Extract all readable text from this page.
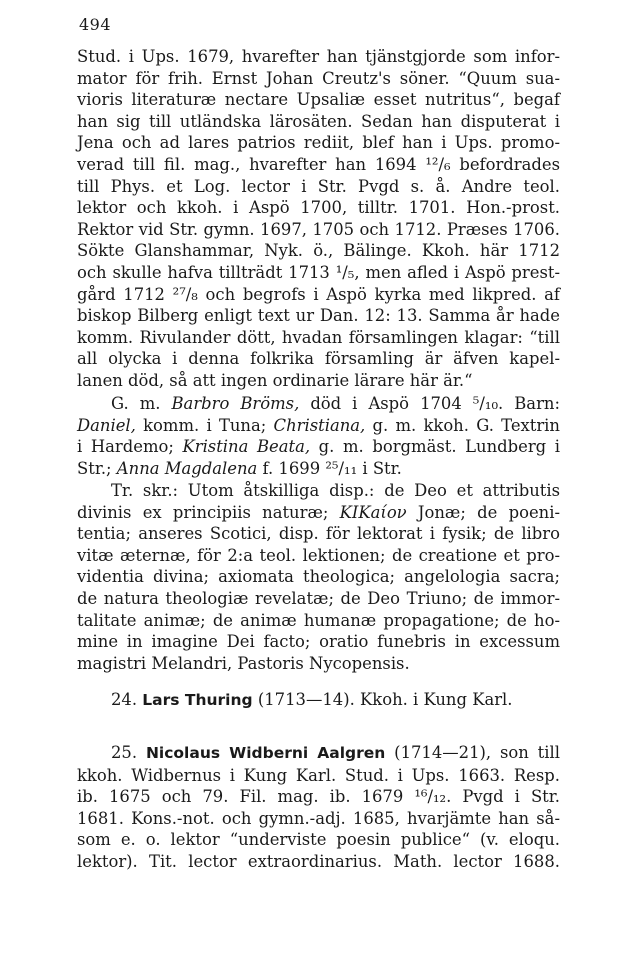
494
Stud. i Ups. 1679, hvarefter han tjänstgjorde som infor-
mator för frih. Ernst Johan Creutz's söner. “Quum sua-
vioris literaturæ nectare Upsaliæ esset nutritus“, begaf
han sig till utländska lärosäten. Sedan han disputerat i
Jena och ad lares patrios rediit, blef han i Ups. promo-
verad till fil. mag., hvarefter han 1694 ¹²/₆ befordrades
till Phys. et Log. lector i Str. Pvgd s. å. Andre teol.
lektor och kkoh. i Aspö 1700, tilltr. 1701. Hon.-prost.
Rektor vid Str. gymn. 1697, 1705 och 1712. Præses 1706.
Sökte Glanshammar, Nyk. ö., Bälinge. Kkoh. här 1712
och skulle hafva tillträdt 1713 ¹/₅, men afled i Aspö prest-
gård 1712 ²⁷/₈ och begrofs i Aspö kyrka med likpred. af
biskop Bilberg enligt text ur Dan. 12: 13. Samma år hade
komm. Rivulander dött, hvadan församlingen klagar: “till
all olycka i denna folkrika församling är äfven kapel-
lanen död, så att ingen ordinarie lärare här är.“
G. m. Barbro Bröms, död i Aspö 1704 ⁵/₁₀. Barn:
Daniel, komm. i Tuna; Christiana, g. m. kkoh. G. Textrin
i Hardemo; Kristina Beata, g. m. borgmäst. Lundberg i
Str.; Anna Magdalena f. 1699 ²⁵/₁₁ i Str.
Tr. skr.: Utom åtskilliga disp.: de Deo et attributis
divinis ex principiis naturæ; KIKaίον Jonæ; de poeni-
tentia; anseres Scotici, disp. för lektorat i fysik; de libro
vitæ æternæ, för 2:a teol. lektionen; de creatione et pro-
videntia divina; axiomata theologica; angelologia sacra;
de natura theologiæ revelatæ; de Deo Triuno; de immor-
talitate animæ; de animæ humanæ propagatione; de ho-
mine in imagine Dei facto; oratio funebris in excessum
magistri Melandri, Pastoris Nycopensis.
24. Lars Thuring (1713—14). Kkoh. i Kung Karl.
25. Nicolaus Widberni Aalgren (1714—21), son till
kkoh. Widbernus i Kung Karl. Stud. i Ups. 1663. Resp.
ib. 1675 och 79. Fil. mag. ib. 1679 ¹⁶/₁₂. Pvgd i Str.
1681. Kons.-not. och gymn.-adj. 1685, hvarjämte han så-
som e. o. lektor “underviste poesin publice“ (v. eloqu.
lektor). Tit. lector extraordinarius. Math. lector 1688.
